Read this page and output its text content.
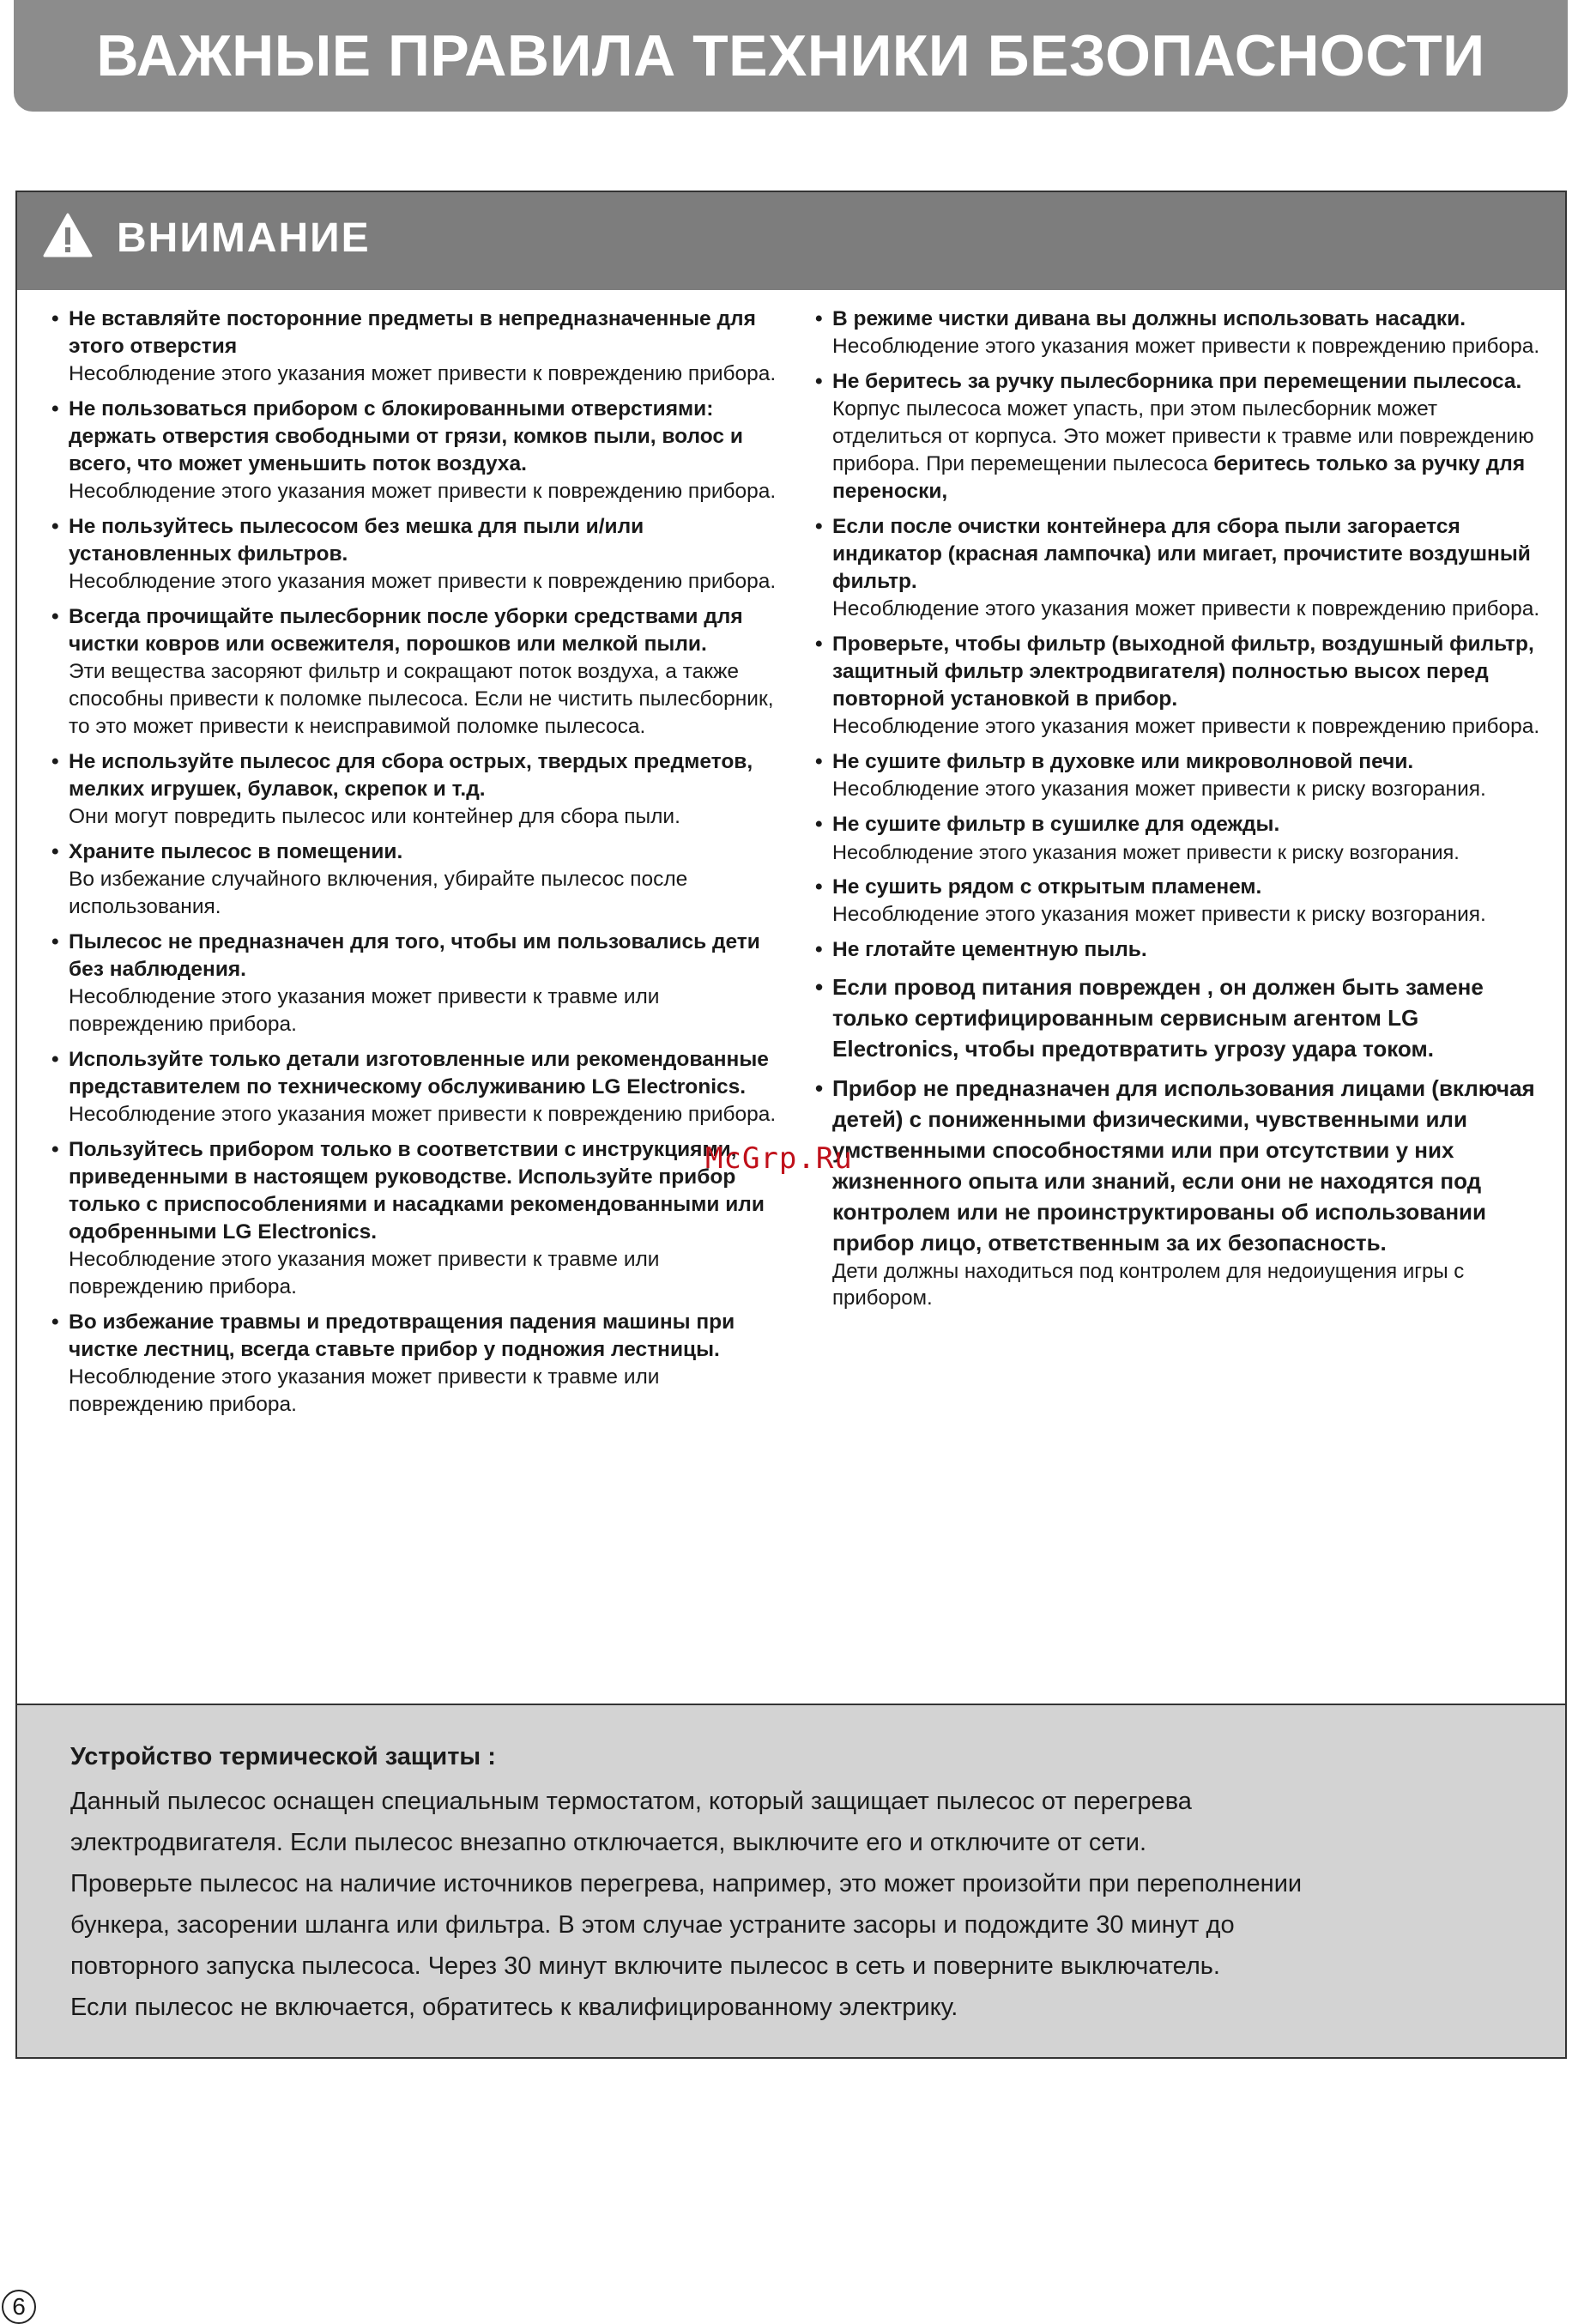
ВАЖНЫЕ ПРАВИЛА ТЕХНИКИ БЕЗОПАСНОСТИ
ВНИМАНИЕ
• Не вставляйте посторонние предметы в непредназначенные для этого отверстия
Несоблюдение этого указания может привести к повреждению прибора.
• Не пользоваться прибором с блокированными отверстиями: держать отверстия свободными от грязи, комков пыли, волос и всего, что может уменьшить поток воздуха.
Несоблюдение этого указания может привести к повреждению прибора.
• Не пользуйтесь пылесосом без мешка для пыли и/или установленных фильтров.
Несоблюдение этого указания может привести к повреждению прибора.
• Всегда прочищайте пылесборник после уборки средствами для чистки ковров или освежителя, порошков или мелкой пыли.
Эти вещества засоряют фильтр и сокращают поток воздуха, а также способны привести к поломке пылесоса. Если не чистить пылесборник, то это может привести к неисправимой поломке пылесоса.
• Не используйте пылесос для сбора острых, твердых предметов, мелких игрушек, булавок, скрепок и т.д.
Они могут повредить пылесос или контейнер для сбора пыли.
• Храните пылесос в помещении.
Во избежание случайного включения, убирайте пылесос после использования.
• Пылесос не предназначен для того, чтобы им пользовались дети без наблюдения.
Несоблюдение этого указания может привести к травме или повреждению прибора.
• Используйте только детали изготовленные или рекомендованные представителем по техническому обслуживанию LG Electronics.
Несоблюдение этого указания может привести к повреждению прибора.
• Пользуйтесь прибором только в соответствии с инструкциями, приведенными в настоящем руководстве. Используйте прибор только с приспособлениями и насадками рекомендованными или одобренными LG Electronics.
Несоблюдение этого указания может привести к травме или повреждению прибора.
• Во избежание травмы и предотвращения падения машины при чистке лестниц, всегда ставьте прибор у подножия лестницы.
Несоблюдение этого указания может привести к травме или повреждению прибора.
• В режиме чистки дивана вы должны использовать насадки.
Несоблюдение этого указания может привести к повреждению прибора.
• Не беритесь за ручку пылесборника при перемещении пылесоса.
Корпус пылесоса может упасть, при этом пылесборник может отделиться от корпуса. Это может привести к травме или повреждению прибора. При перемещении пылесоса беритесь только за ручку для переноски,
• Если после очистки контейнера для сбора пыли загорается индикатор (красная лампочка) или мигает, прочистите воздушный фильтр.
Несоблюдение этого указания может привести к повреждению прибора.
• Проверьте, чтобы фильтр (выходной фильтр, воздушный фильтр, защитный фильтр электродвигателя) полностью высох перед повторной установкой в прибор.
Несоблюдение этого указания может привести к повреждению прибора.
• Не сушите фильтр в духовке или микроволновой печи.
Несоблюдение этого указания может привести к риску возгорания.
• Не сушите фильтр в сушилке для одежды.
Несоблюдение этого указания может привести к риску возгорания.
• Не сушить рядом с открытым пламенем.
Несоблюдение этого указания может привести к риску возгорания.
• Не глотайте цементную пыль.
• Если провод питания поврежден , он должен быть замене только сертифицированным сервисным агентом LG Electronics, чтобы предотвратить угрозу удара током.
• Прибор не предназначен для использования лицами (включая детей) с пониженными физическими, чувственными или умственными способностями или при отсутствии у них жизненного опыта или знаний, если они не находятся под контролем или не проинструктированы об использовании прибор лицо, ответственным за их безопасность.
Дети должны находиться под контролем для недоиущения игры с прибором.
Устройство термической защиты :
Данный пылесос оснащен специальным термостатом, который защищает пылесос от перегрева
электродвигателя. Если пылесос внезапно отключается, выключите его и отключите от сети.
Проверьте пылесос на наличие источников перегрева, например, это может произойти при переполнении
бункера, засорении шланга или фильтра. В этом случае устраните засоры и подождите 30 минут до
повторного запуска пылесоса. Через 30 минут включите пылесос в сеть и поверните выключатель.
Если пылесос не включается, обратитесь к квалифицированному электрику.
McGrp.Ru
6
